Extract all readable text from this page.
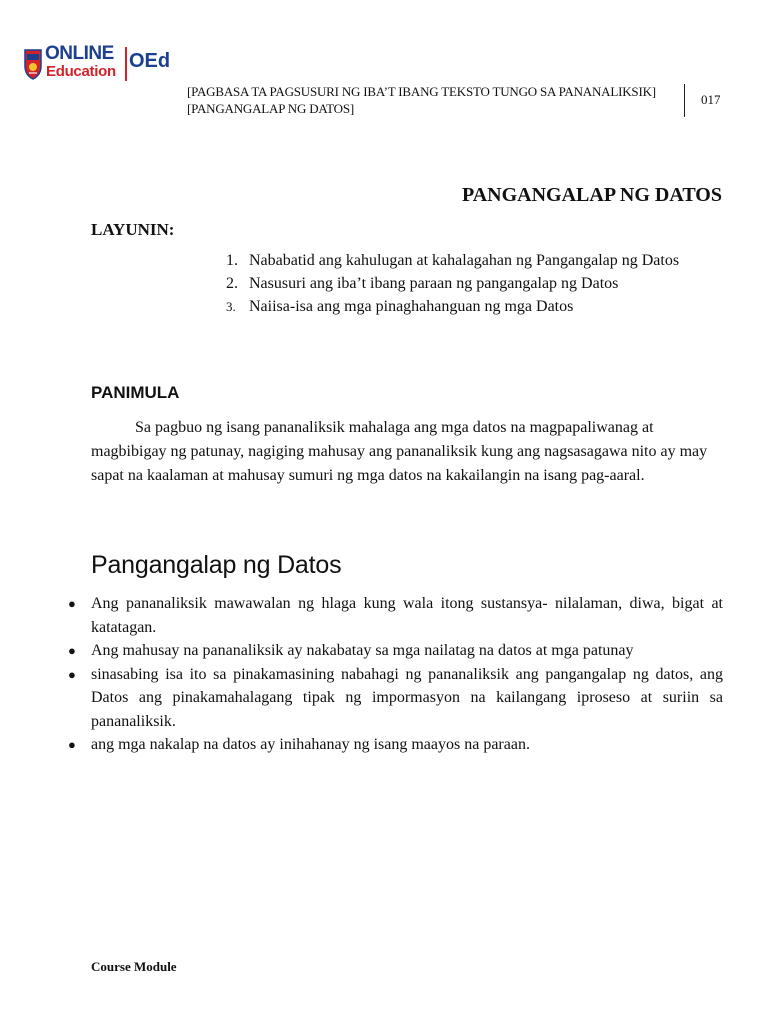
ONLINE
Education OEd
[PAGBASA TA PAGSUSURI NG IBA’T IBANG TEKSTO TUNGO SA PANANALIKSIK]
[PANGANGALAP NG DATOS]
017
PANGANGALAP NG DATOS
LAYUNIN:
1. Nababatid ang kahulugan at kahalagahan ng Pangangalap ng Datos
2. Nasusuri ang iba’t ibang paraan ng pangangalap ng Datos
3. Naiisa-isa ang mga pinaghahanguan ng mga Datos
PANIMULA
Sa pagbuo ng isang pananaliksik mahalaga ang mga datos na magpapaliwanag at magbibigay ng patunay, nagiging mahusay ang pananaliksik kung ang nagsasagawa nito ay may sapat na kaalaman at mahusay sumuri ng mga datos na kakailangin na isang pag-aaral.
Pangangalap ng Datos
● Ang pananaliksik mawawalan ng hlaga kung wala itong sustansya- nilalaman, diwa, bigat at katatagan.
● Ang mahusay na pananaliksik ay nakabatay sa mga nailatag na datos at mga patunay
● sinasabing isa ito sa pinakamasining nabahagi ng pananaliksik ang pangangalap ng datos, ang Datos ang pinakamahalagang tipak ng impormasyon na kailangang iproseso at suriin sa pananaliksik.
● ang mga nakalap na datos ay inihahanay ng isang maayos na paraan.
Course Module
